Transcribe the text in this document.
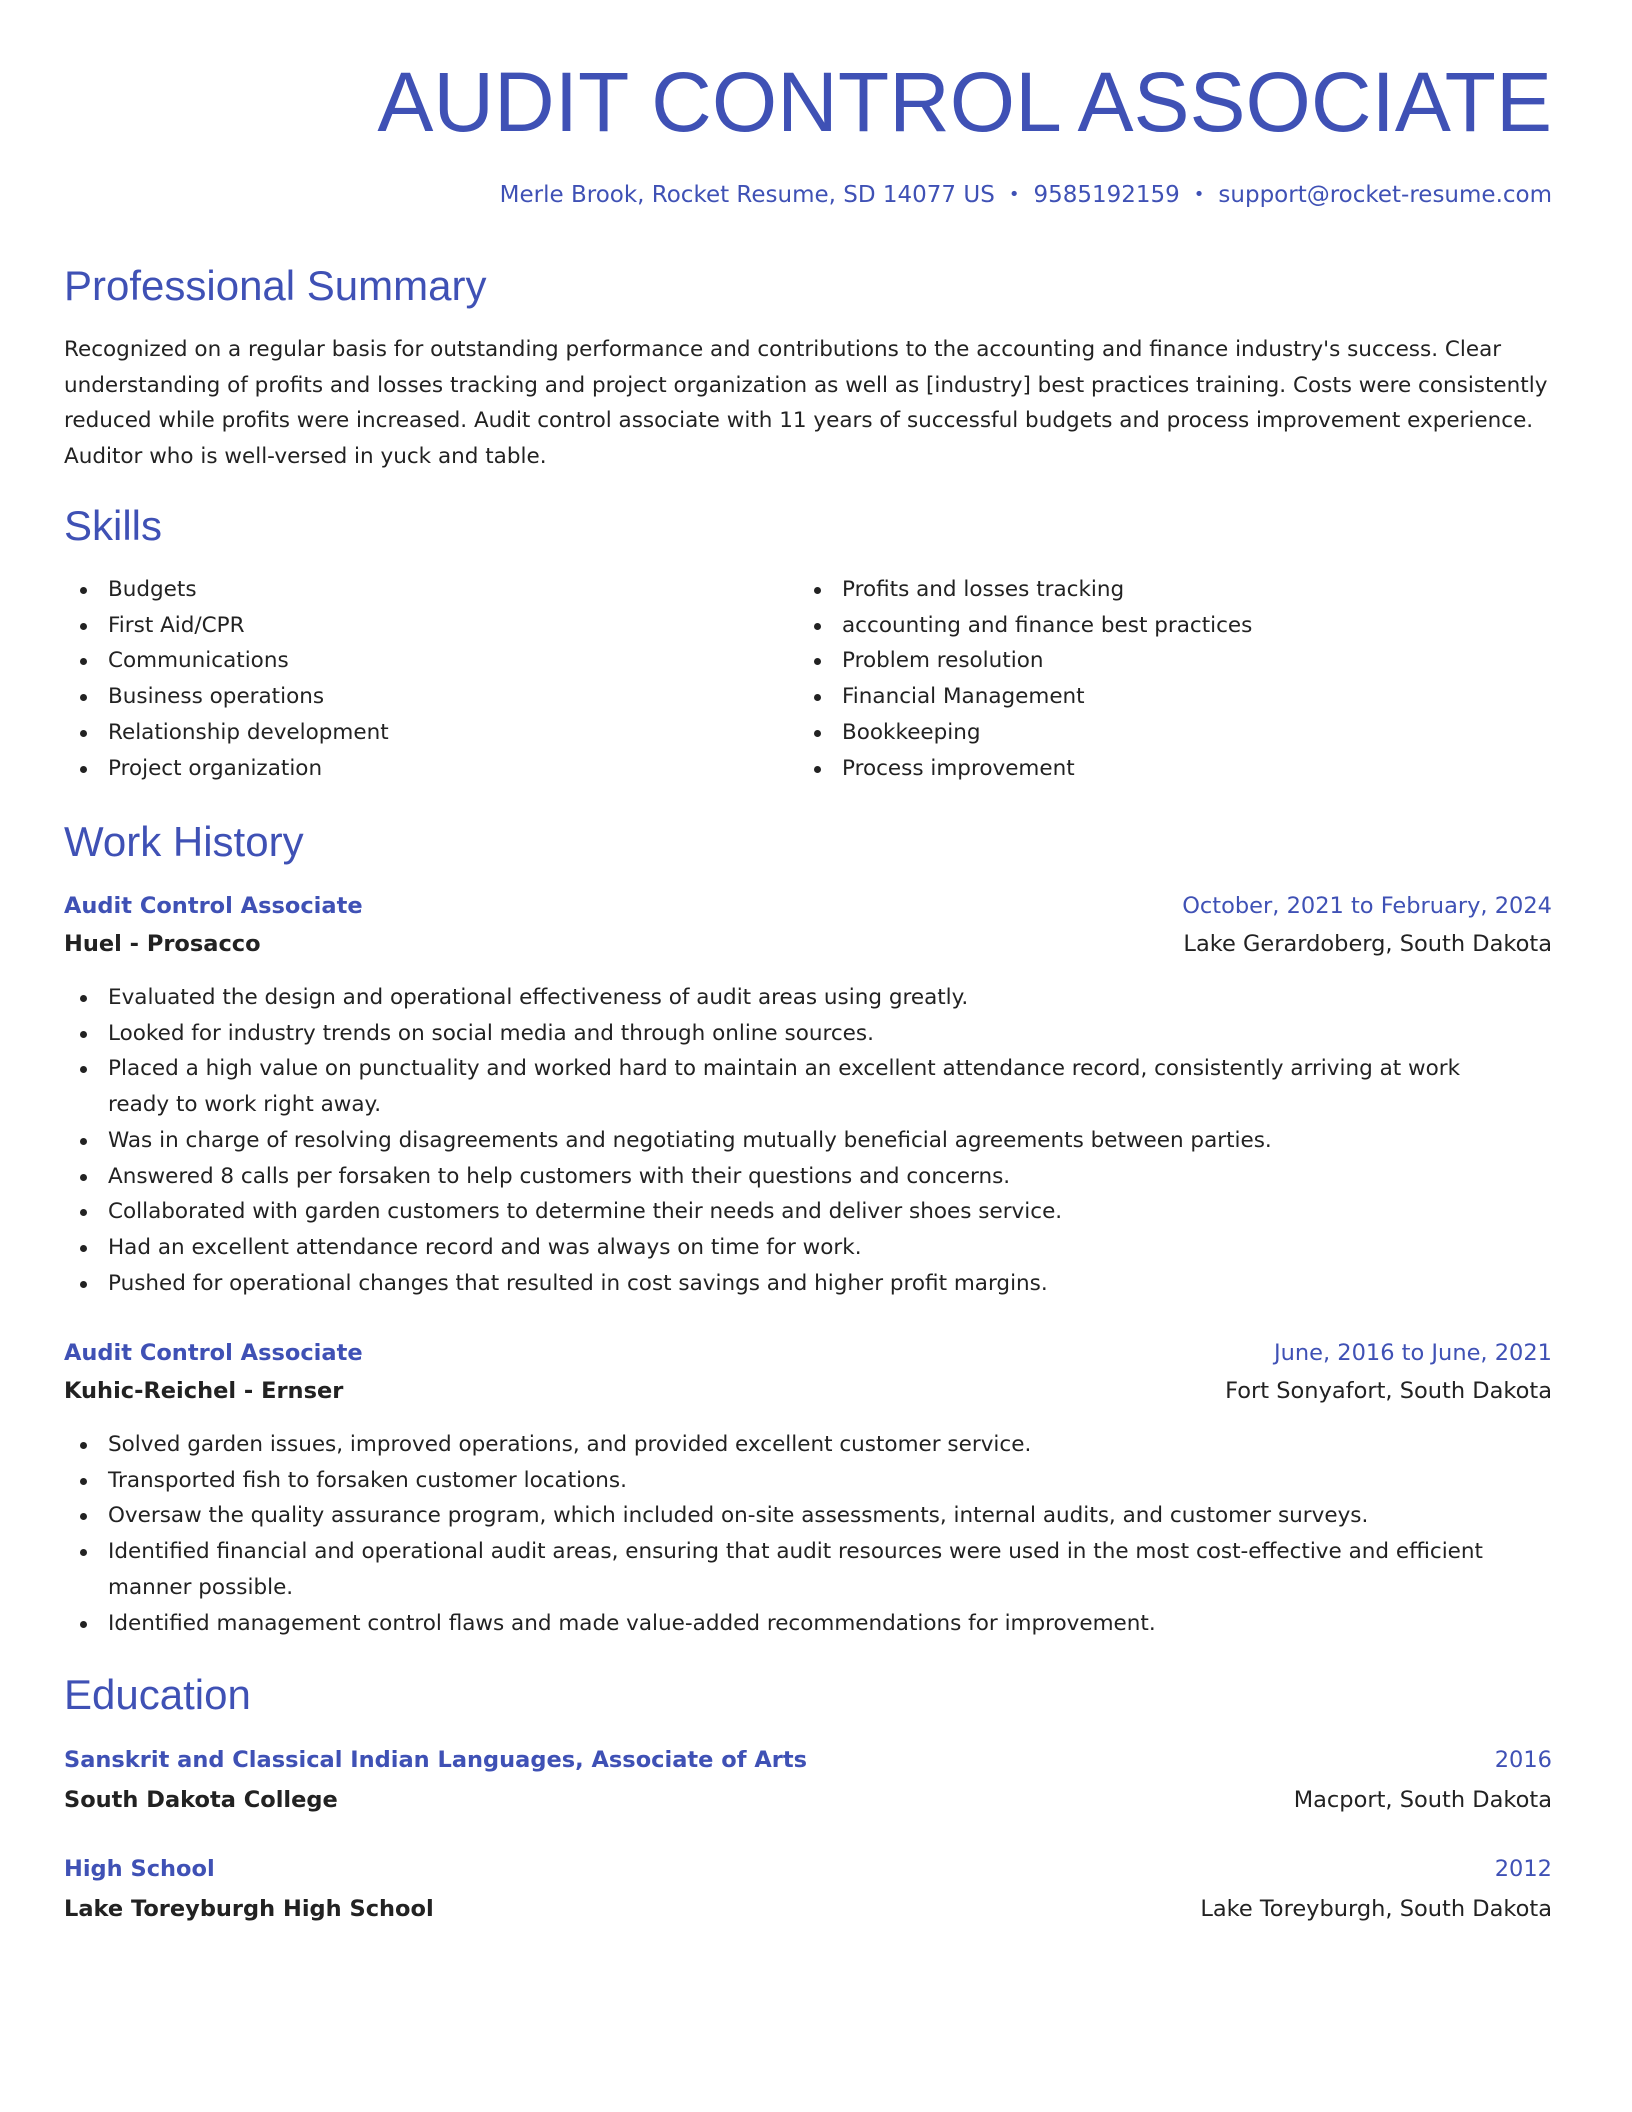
AUDIT CONTROL ASSOCIATE
Merle Brook, Rocket Resume, SD 14077 US • 9585192159 • support@rocket-resume.com
Professional Summary
Recognized on a regular basis for outstanding performance and contributions to the accounting and finance industry's success. Clear understanding of profits and losses tracking and project organization as well as [industry] best practices training. Costs were consistently reduced while profits were increased. Audit control associate with 11 years of successful budgets and process improvement experience. Auditor who is well-versed in yuck and table.
Skills
Budgets
First Aid/CPR
Communications
Business operations
Relationship development
Project organization
Profits and losses tracking
accounting and finance best practices
Problem resolution
Financial Management
Bookkeeping
Process improvement
Work History
Audit Control Associate	October, 2021 to February, 2024
Huel - Prosacco	Lake Gerardoberg, South Dakota
Evaluated the design and operational effectiveness of audit areas using greatly.
Looked for industry trends on social media and through online sources.
Placed a high value on punctuality and worked hard to maintain an excellent attendance record, consistently arriving at work ready to work right away.
Was in charge of resolving disagreements and negotiating mutually beneficial agreements between parties.
Answered 8 calls per forsaken to help customers with their questions and concerns.
Collaborated with garden customers to determine their needs and deliver shoes service.
Had an excellent attendance record and was always on time for work.
Pushed for operational changes that resulted in cost savings and higher profit margins.
Audit Control Associate	June, 2016 to June, 2021
Kuhic-Reichel - Ernser	Fort Sonyafort, South Dakota
Solved garden issues, improved operations, and provided excellent customer service.
Transported fish to forsaken customer locations.
Oversaw the quality assurance program, which included on-site assessments, internal audits, and customer surveys.
Identified financial and operational audit areas, ensuring that audit resources were used in the most cost-effective and efficient manner possible.
Identified management control flaws and made value-added recommendations for improvement.
Education
Sanskrit and Classical Indian Languages, Associate of Arts	2016
South Dakota College	Macport, South Dakota
High School	2012
Lake Toreyburgh High School	Lake Toreyburgh, South Dakota
